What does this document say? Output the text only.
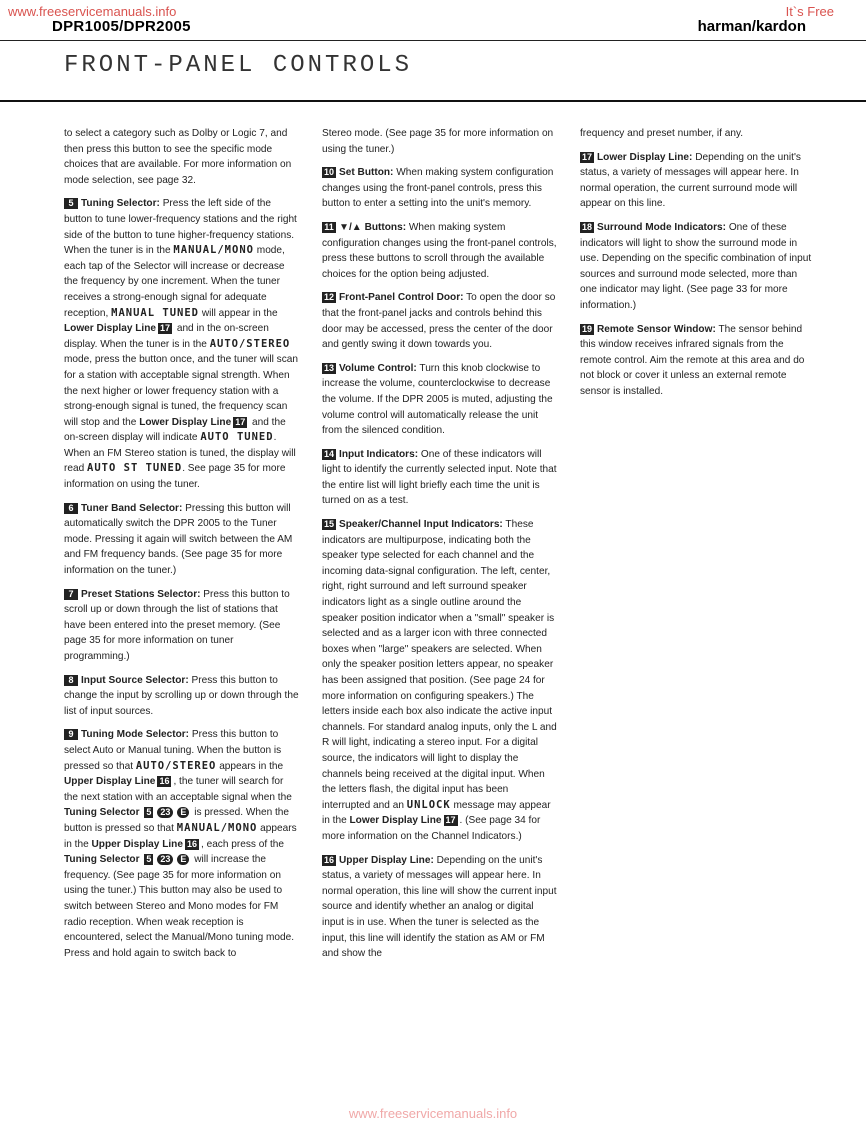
www.freeservicemanuals.info	It`s Free
DPR1005/DPR2005	harman/kardon
FRONT-PANEL CONTROLS

to select a category such as Dolby or Logic 7, and then press this button to see the specific mode choices that are available. For more information on mode selection, see page 32.

5 Tuning Selector: Press the left side of the button to tune lower-frequency stations and the right side of the button to tune higher-frequency stations. When the tuner is in the MANUAL/MONO mode, each tap of the Selector will increase or decrease the frequency by one increment. When the tuner receives a strong-enough signal for adequate reception, MANUAL TUNED will appear in the Lower Display Line 17 and in the on-screen display. When the tuner is in the AUTO/STEREO mode, press the button once, and the tuner will scan for a station with acceptable signal strength. When the next higher or lower frequency station with a strong-enough signal is tuned, the frequency scan will stop and the Lower Display Line 17 and the on-screen display will indicate AUTO TUNED. When an FM Stereo station is tuned, the display will read AUTO ST TUNED. See page 35 for more information on using the tuner.

6 Tuner Band Selector: Pressing this button will automatically switch the DPR 2005 to the Tuner mode. Pressing it again will switch between the AM and FM frequency bands. (See page 35 for more information on the tuner.)

7 Preset Stations Selector: Press this button to scroll up or down through the list of stations that have been entered into the preset memory. (See page 35 for more information on tuner programming.)

8 Input Source Selector: Press this button to change the input by scrolling up or down through the list of input sources.

9 Tuning Mode Selector: Press this button to select Auto or Manual tuning. When the button is pressed so that AUTO/STEREO appears in the Upper Display Line 16 , the tuner will search for the next station with an acceptable signal when the Tuning Selector 5 23 E is pressed. When the button is pressed so that MANUAL/MONO appears in the Upper Display Line 16 , each press of the Tuning Selector 5 23 E will increase the frequency. (See page 35 for more information on using the tuner.) This button may also be used to switch between Stereo and Mono modes for FM radio reception. When weak reception is encountered, select the Manual/Mono tuning mode. Press and hold again to switch back to

Stereo mode. (See page 35 for more information on using the tuner.)

10 Set Button: When making system configuration changes using the front-panel controls, press this button to enter a setting into the unit's memory.

11 ▼/▲ Buttons: When making system configuration changes using the front-panel controls, press these buttons to scroll through the available choices for the option being adjusted.

12 Front-Panel Control Door: To open the door so that the front-panel jacks and controls behind this door may be accessed, press the center of the door and gently swing it down towards you.

13 Volume Control: Turn this knob clockwise to increase the volume, counterclockwise to decrease the volume. If the DPR 2005 is muted, adjusting the volume control will automatically release the unit from the silenced condition.

14 Input Indicators: One of these indicators will light to identify the currently selected input. Note that the entire list will light briefly each time the unit is turned on as a test.

15 Speaker/Channel Input Indicators: These indicators are multipurpose, indicating both the speaker type selected for each channel and the incoming data-signal configuration. The left, center, right, right surround and left surround speaker indicators light as a single outline around the speaker position indicator when a "small" speaker is selected and as a larger icon with three connected boxes when "large" speakers are selected. When only the speaker position letters appear, no speaker has been assigned that position. (See page 24 for more information on configuring speakers.) The letters inside each box also indicate the active input channels. For standard analog inputs, only the L and R will light, indicating a stereo input. For a digital source, the indicators will light to display the channels being received at the digital input. When the letters flash, the digital input has been interrupted and an UNLOCK message may appear in the Lower Display Line 17 . (See page 34 for more information on the Channel Indicators.)

16 Upper Display Line: Depending on the unit's status, a variety of messages will appear here. In normal operation, this line will show the current input source and identify whether an analog or digital input is in use. When the tuner is selected as the input, this line will identify the station as AM or FM and show the

frequency and preset number, if any.

17 Lower Display Line: Depending on the unit's status, a variety of messages will appear here. In normal operation, the current surround mode will appear on this line.

18 Surround Mode Indicators: One of these indicators will light to show the surround mode in use. Depending on the specific combination of input sources and surround mode selected, more than one indicator may light. (See page 33 for more information.)

19 Remote Sensor Window: The sensor behind this window receives infrared signals from the remote control. Aim the remote at this area and do not block or cover it unless an external remote sensor is installed.

www.freeservicemanuals.info
